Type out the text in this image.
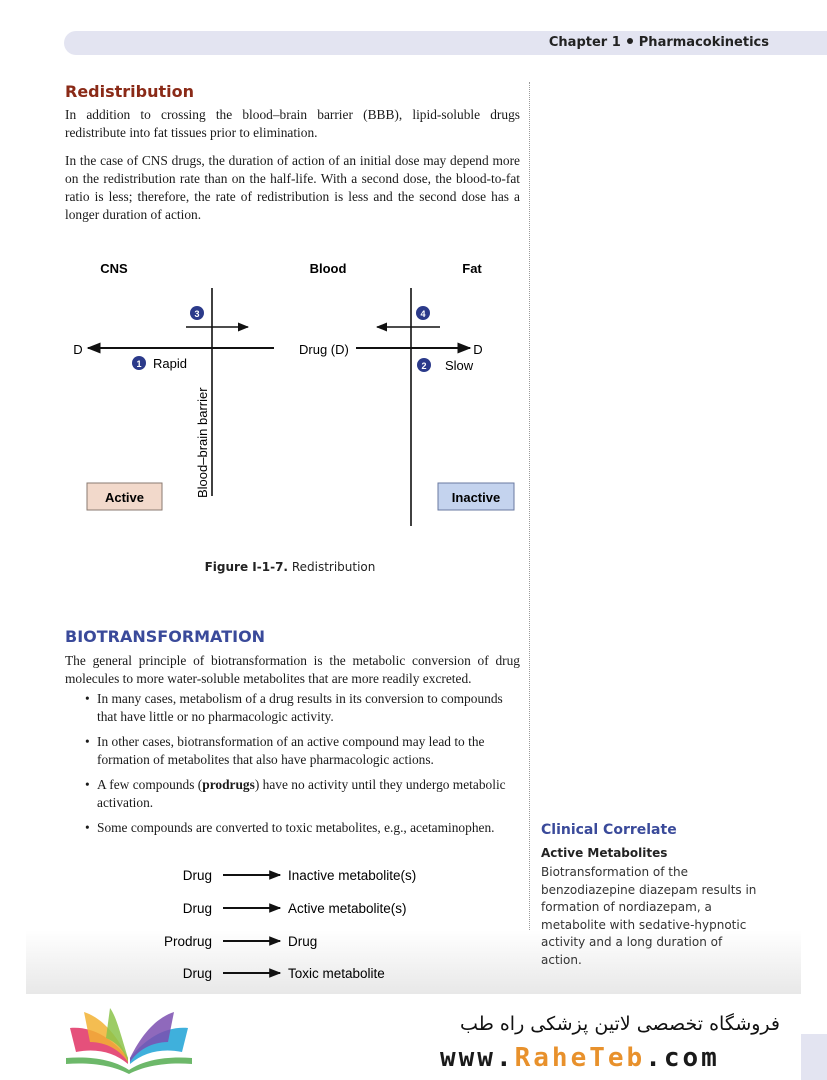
Chapter 1 Pharmacokinetics
Redistribution

In addition to crossing the blood–brain barrier (BBB), lipid-soluble drugs redistribute into fat tissues prior to elimination.

In the case of CNS drugs, the duration of action of an initial dose may depend more on the redistribution rate than on the half-life. With a second dose, the blood-to-fat ratio is less; therefore, the rate of redistribution is less and the second dose has a longer duration of action.

CNS	Blood	Fat
D
3
1 Rapid
Drug (D)	D
4
2 Slow
Blood–brain barrier
Active	Inactive
Figure I-1-7. Redistribution
BIOTRANSFORMATION

The general principle of biotransformation is the metabolic conversion of drug molecules to more water-soluble metabolites that are more readily excreted.

• In many cases, metabolism of a drug results in its conversion to compounds that have little or no pharmacologic activity.
• In other cases, biotransformation of an active compound may lead to the formation of metabolites that also have pharmacologic actions.
• A few compounds (prodrugs) have no activity until they undergo metabolic activation.
• Some compounds are converted to toxic metabolites, e.g., acetaminophen.
Drug	Inactive metabolite(s)
Drug	Active metabolite(s)
Prodrug	Drug
Drug	Toxic metabolite
Clinical Correlate
Active Metabolites
Biotransformation of the benzodiazepine diazepam results in formation of nordiazepam, a metabolite with sedative-hypnotic activity and a long duration of action.
فروشگاه تخصصی لاتین پزشکی راه طب
www.RaheTeb.com
